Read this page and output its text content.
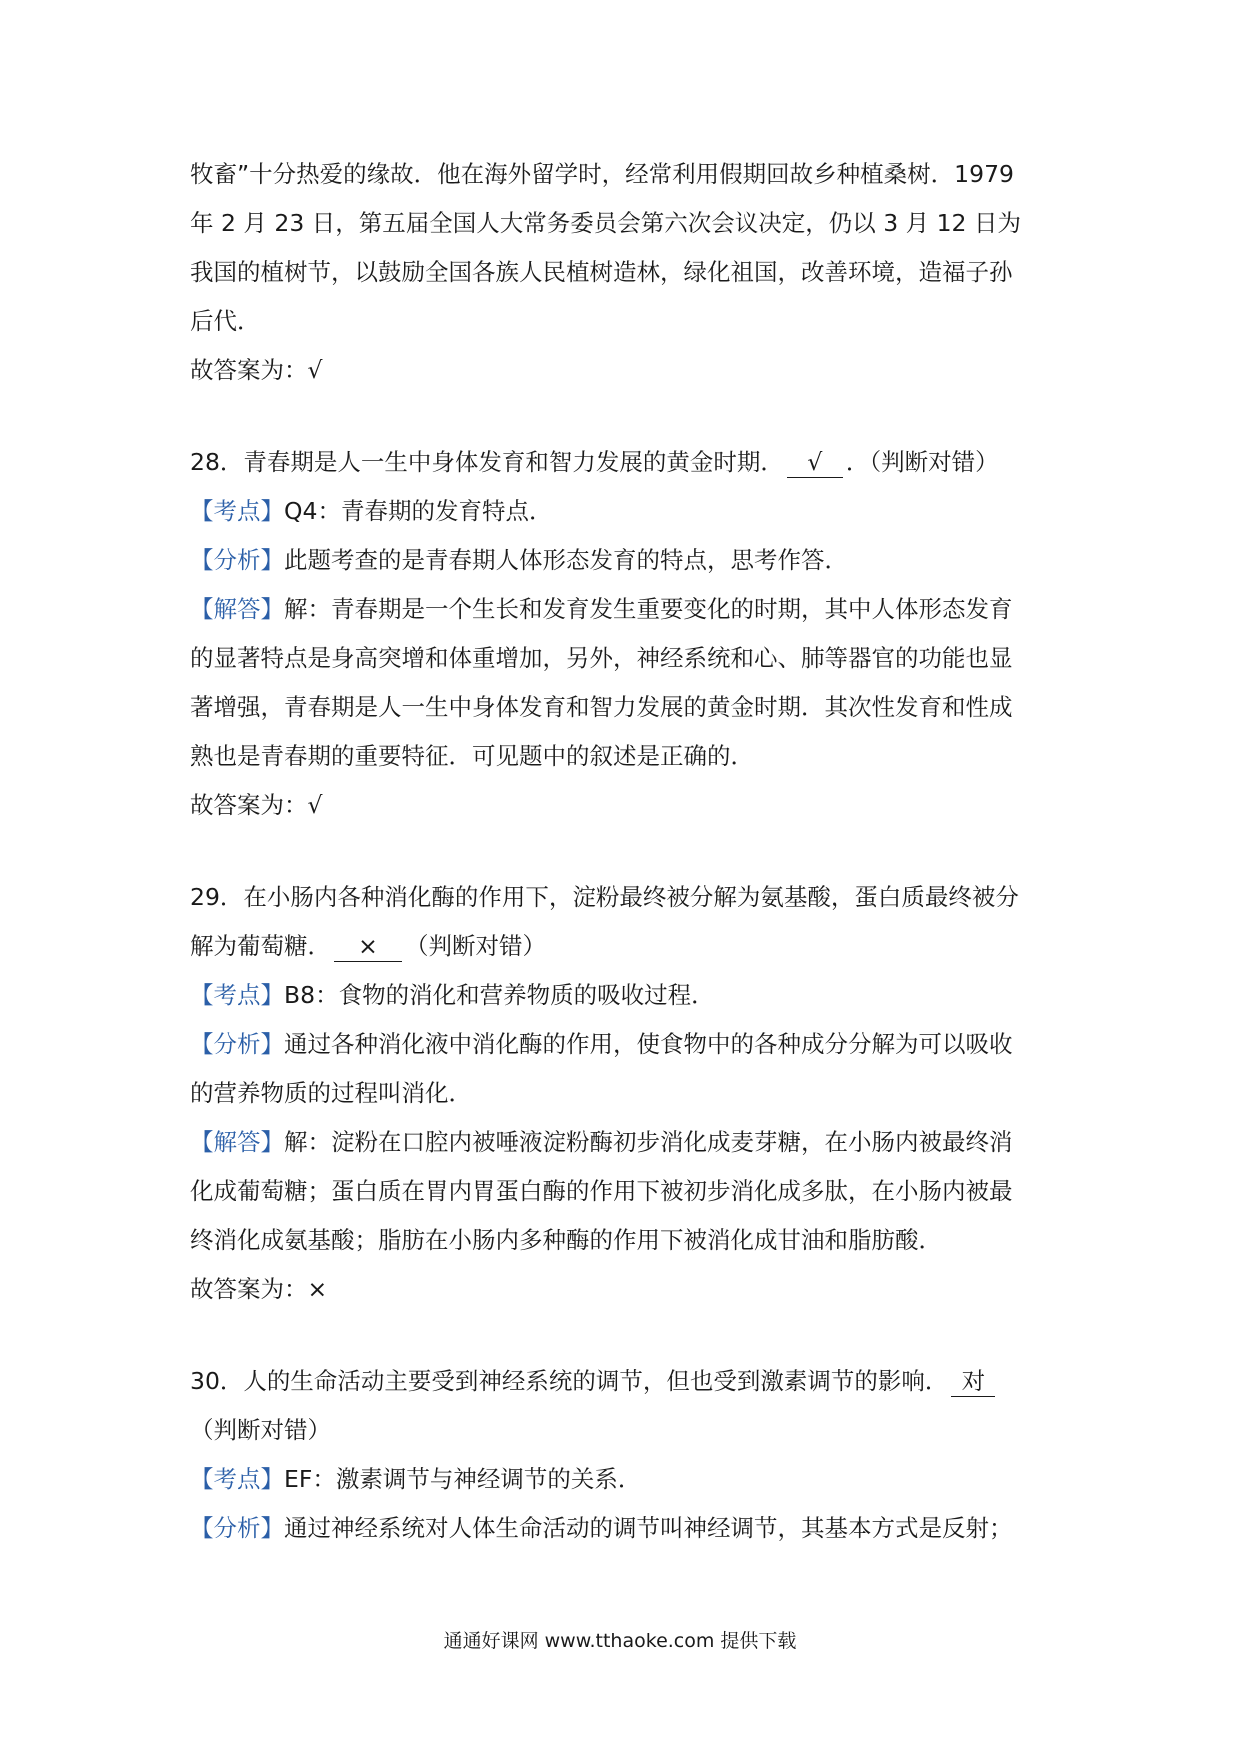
牧畜”十分热爱的缘故．他在海外留学时，经常利用假期回故乡种植桑树．1979
年 2 月 23 日，第五届全国人大常务委员会第六次会议决定，仍以 3 月 12 日为
我国的植树节，以鼓励全国各族人民植树造林，绿化祖国，改善环境，造福子孙
后代．
故答案为：√
28．青春期是人一生中身体发育和智力发展的黄金时期． √ ．（判断对错）
【考点】Q4：青春期的发育特点．
【分析】此题考查的是青春期人体形态发育的特点，思考作答．
【解答】解：青春期是一个生长和发育发生重要变化的时期，其中人体形态发育
的显著特点是身高突增和体重增加，另外，神经系统和心、肺等器官的功能也显
著增强，青春期是人一生中身体发育和智力发展的黄金时期．其次性发育和性成
熟也是青春期的重要特征．可见题中的叙述是正确的．
故答案为：√
29．在小肠内各种消化酶的作用下，淀粉最终被分解为氨基酸，蛋白质最终被分
解为葡萄糖． × （判断对错）
【考点】B8：食物的消化和营养物质的吸收过程．
【分析】通过各种消化液中消化酶的作用，使食物中的各种成分分解为可以吸收
的营养物质的过程叫消化．
【解答】解：淀粉在口腔内被唾液淀粉酶初步消化成麦芽糖，在小肠内被最终消
化成葡萄糖；蛋白质在胃内胃蛋白酶的作用下被初步消化成多肽，在小肠内被最
终消化成氨基酸；脂肪在小肠内多种酶的作用下被消化成甘油和脂肪酸．
故答案为：×
30．人的生命活动主要受到神经系统的调节，但也受到激素调节的影响． 对
（判断对错）
【考点】EF：激素调节与神经调节的关系．
【分析】通过神经系统对人体生命活动的调节叫神经调节，其基本方式是反射；
通通好课网 www.tthaoke.com 提供下载
